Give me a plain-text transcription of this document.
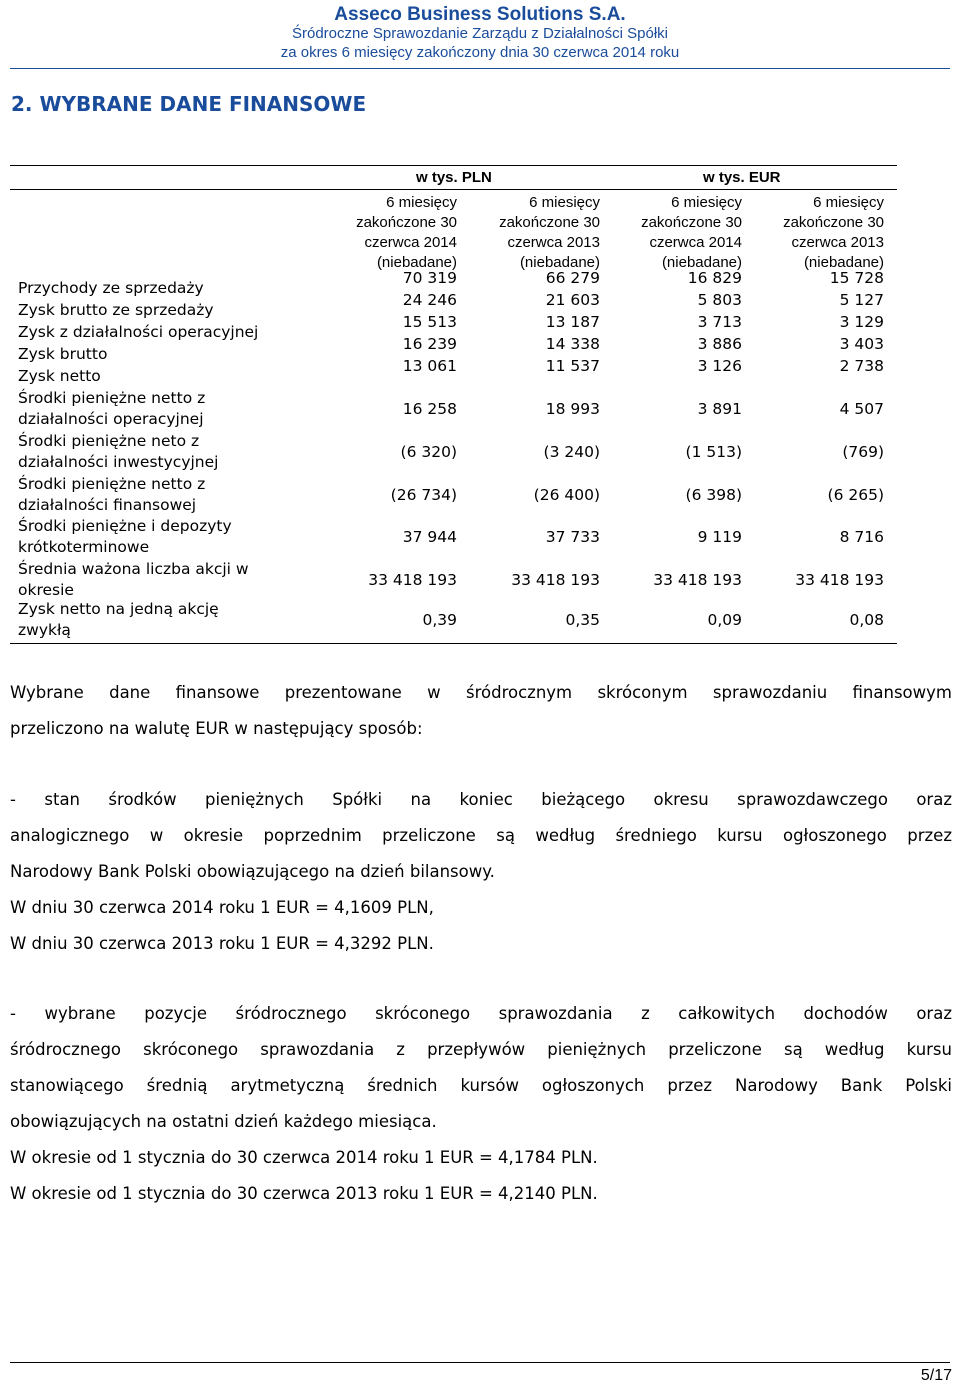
Asseco Business Solutions S.A.
Śródroczne Sprawozdanie Zarządu z Działalności Spółki
za okres 6 miesięcy zakończony dnia 30 czerwca 2014 roku
2. WYBRANE DANE FINANSOWE
w tys. PLN	w tys. EUR
6 miesięcy
zakończone 30
czerwca 2014
(niebadane)
6 miesięcy
zakończone 30
czerwca 2013
(niebadane)
6 miesięcy
zakończone 30
czerwca 2014
(niebadane)
6 miesięcy
zakończone 30
czerwca 2013
(niebadane)
Przychody ze sprzedaży
70 319	66 279	16 829	15 728
Zysk brutto ze sprzedaży
24 246	21 603	5 803	5 127
Zysk z działalności operacyjnej
15 513	13 187	3 713	3 129
Zysk brutto
16 239	14 338	3 886	3 403
Zysk netto
13 061	11 537	3 126	2 738
Środki pieniężne netto z
działalności operacyjnej
16 258	18 993	3 891	4 507
Środki pieniężne neto z
działalności inwestycyjnej
(6 320)	(3 240)	(1 513)	(769)
Środki pieniężne netto z
działalności finansowej
(26 734)	(26 400)	(6 398)	(6 265)
Środki pieniężne i depozyty
krótkoterminowe
37 944	37 733	9 119	8 716
Średnia ważona liczba akcji w
okresie
33 418 193	33 418 193	33 418 193	33 418 193
Zysk netto na jedną akcję
zwykłą
0,39	0,35	0,09	0,08
Wybrane dane finansowe prezentowane w śródrocznym skróconym sprawozdaniu finansowym
przeliczono na walutę EUR w następujący sposób:
- stan środków pieniężnych Spółki na koniec bieżącego okresu sprawozdawczego oraz
analogicznego w okresie poprzednim przeliczone są według średniego kursu ogłoszonego przez
Narodowy Bank Polski obowiązującego na dzień bilansowy.
W dniu 30 czerwca 2014 roku 1 EUR = 4,1609 PLN,
W dniu 30 czerwca 2013 roku 1 EUR = 4,3292 PLN.
- wybrane pozycje śródrocznego skróconego sprawozdania z całkowitych dochodów oraz
śródrocznego skróconego sprawozdania z przepływów pieniężnych przeliczone są według kursu
stanowiącego średnią arytmetyczną średnich kursów ogłoszonych przez Narodowy Bank Polski
obowiązujących na ostatni dzień każdego miesiąca.
W okresie od 1 stycznia do 30 czerwca 2014 roku 1 EUR = 4,1784 PLN.
W okresie od 1 stycznia do 30 czerwca 2013 roku 1 EUR = 4,2140 PLN.
5/17
